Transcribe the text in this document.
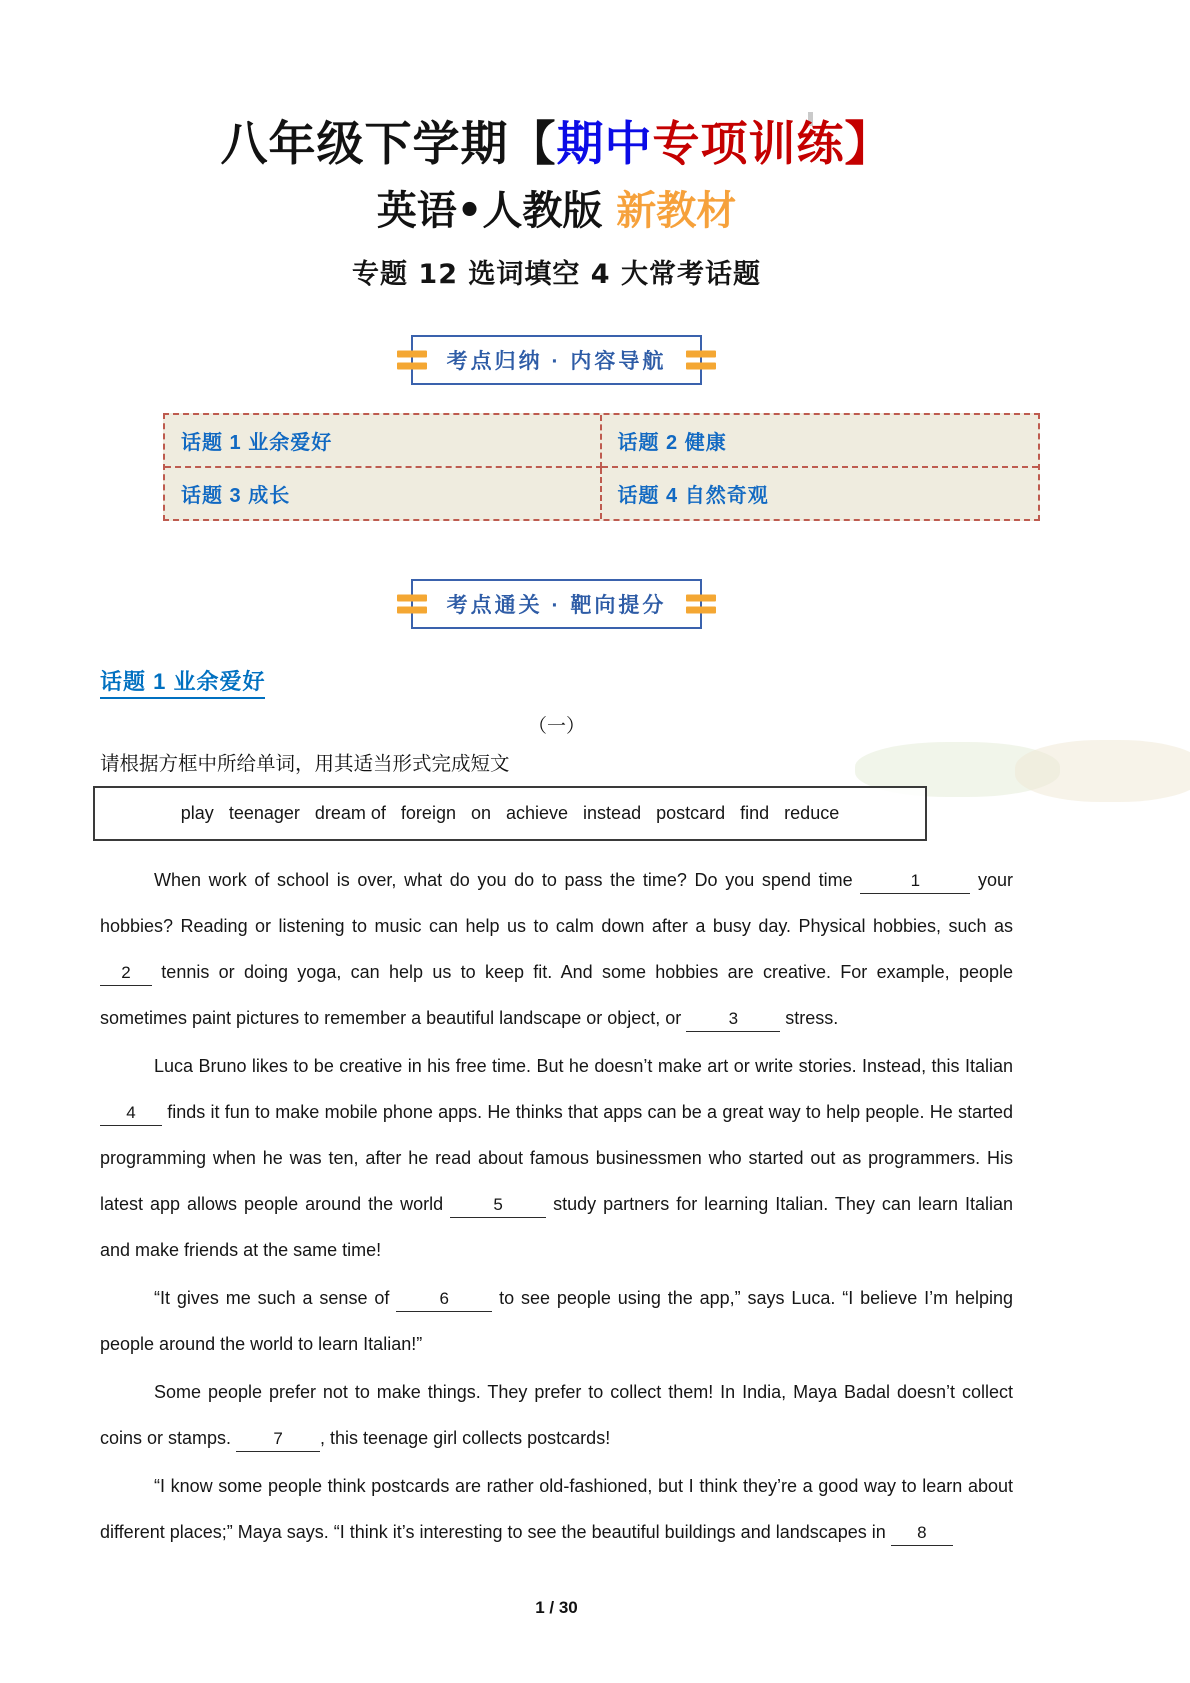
八年级下学期【期中专项训练】
英语•人教版 新教材
专题 12 选词填空 4 大常考话题
考点归纳 · 内容导航
话题 1 业余爱好	话题 2 健康
话题 3 成长	话题 4 自然奇观
考点通关 · 靶向提分
话题 1 业余爱好
（一）
请根据方框中所给单词，用其适当形式完成短文
play teenager dream of foreign on achieve instead postcard find reduce

When work of school is over, what do you do to pass the time? Do you spend time	1	your hobbies? Reading or listening to music can help us to calm down after a busy day. Physical hobbies, such as 2 tennis or doing yoga, can help us to keep fit. And some hobbies are creative. For example, people sometimes paint pictures to remember a beautiful landscape or object, or 3 stress.

Luca Bruno likes to be creative in his free time. But he doesn’t make art or write stories. Instead, this Italian 4 finds it fun to make mobile phone apps. He thinks that apps can be a great way to help people. He started programming when he was ten, after he read about famous businessmen who started out as programmers. His latest app allows people around the world	5 study partners for learning Italian. They can learn Italian and make friends at the same time!

“It gives me such a sense of	6 to see people using the app,” says Luca. “I believe I’m helping people around the world to learn Italian!”

Some people prefer not to make things. They prefer to collect them! In India, Maya Badal doesn’t collect coins or stamps. 7 , this teenage girl collects postcards!

“I know some people think postcards are rather old-fashioned, but I think they’re a good way to learn about different places;” Maya says. “I think it’s interesting to see the beautiful buildings and landscapes in 8

1 / 30
